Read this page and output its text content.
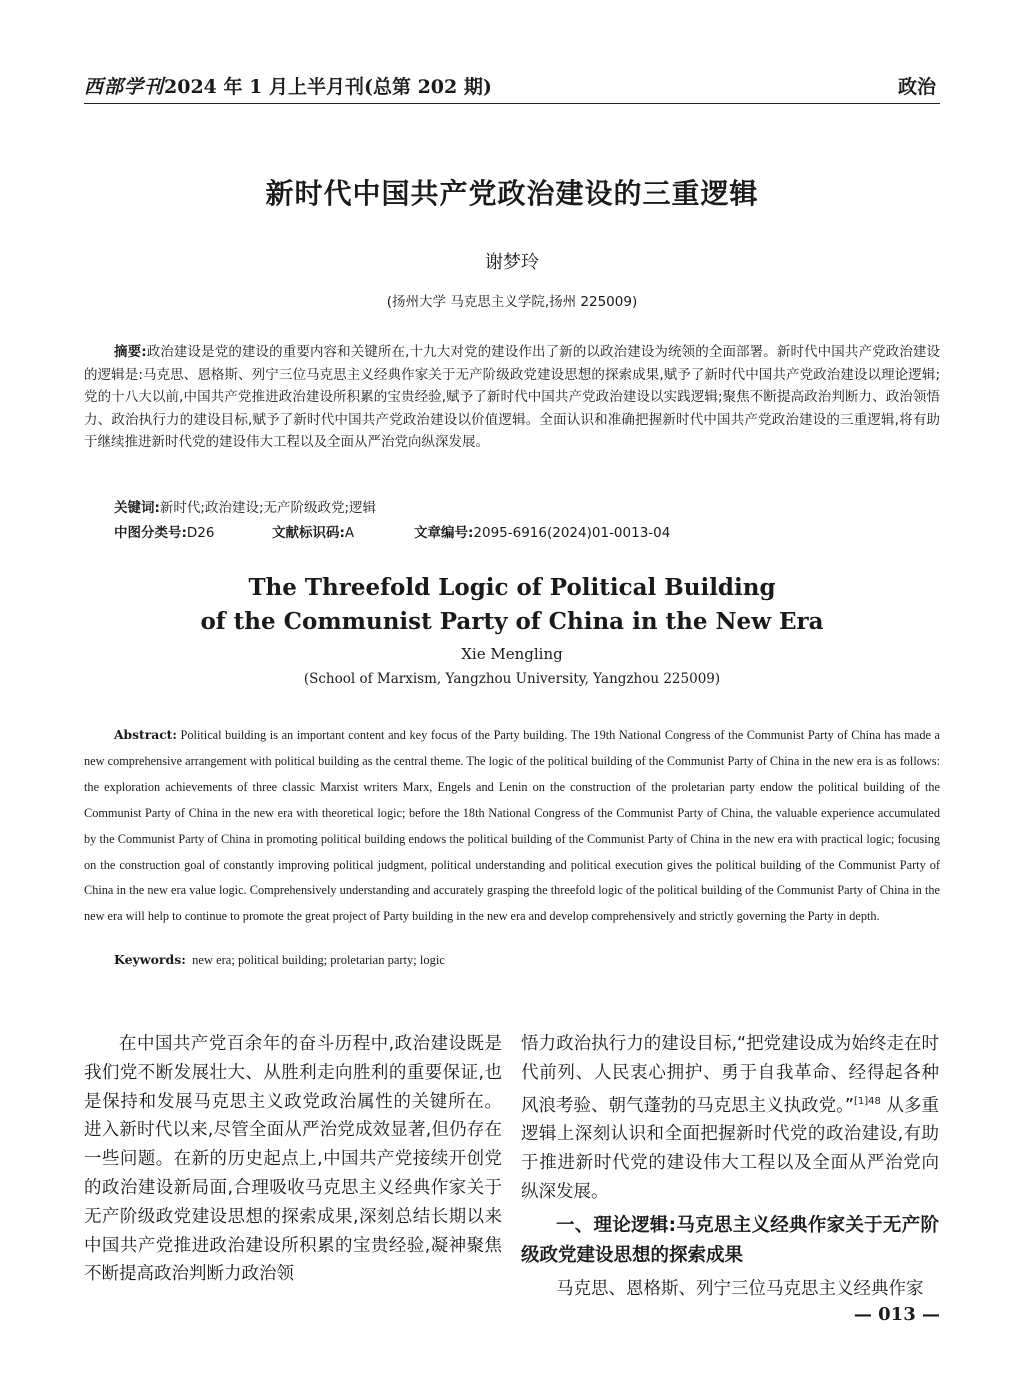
西部学刊2024 年 1 月上半月刊(总第 202 期)	政治
新时代中国共产党政治建设的三重逻辑
谢梦玲
(扬州大学 马克思主义学院,扬州 225009)
摘要:政治建设是党的建设的重要内容和关键所在,十九大对党的建设作出了新的以政治建设为统领的全面部署。新时代中国共产党政治建设的逻辑是:马克思、恩格斯、列宁三位马克思主义经典作家关于无产阶级政党建设思想的探索成果,赋予了新时代中国共产党政治建设以理论逻辑;党的十八大以前,中国共产党推进政治建设所积累的宝贵经验,赋予了新时代中国共产党政治建设以实践逻辑;聚焦不断提高政治判断力、政治领悟力、政治执行力的建设目标,赋予了新时代中国共产党政治建设以价值逻辑。全面认识和准确把握新时代中国共产党政治建设的三重逻辑,将有助于继续推进新时代党的建设伟大工程以及全面从严治党向纵深发展。
关键词:新时代;政治建设;无产阶级政党;逻辑
中图分类号:D26	文献标识码:A	文章编号:2095-6916(2024)01-0013-04
The Threefold Logic of Political Building
of the Communist Party of China in the New Era
Xie Mengling
(School of Marxism, Yangzhou University, Yangzhou 225009)
Abstract: Political building is an important content and key focus of the Party building. The 19th National Congress of the Communist Party of China has made a new comprehensive arrangement with political building as the central theme. The logic of the political building of the Communist Party of China in the new era is as follows: the exploration achievements of three classic Marxist writers Marx, Engels and Lenin on the construction of the proletarian party endow the political building of the Communist Party of China in the new era with theoretical logic; before the 18th National Congress of the Communist Party of China, the valuable experience accumulated by the Communist Party of China in promoting political building endows the political building of the Communist Party of China in the new era with practical logic; focusing on the construction goal of constantly improving political judgment, political understanding and political execution gives the political building of the Communist Party of China in the new era value logic. Comprehensively understanding and accurately grasping the threefold logic of the political building of the Communist Party of China in the new era will help to continue to promote the great project of Party building in the new era and develop comprehensively and strictly governing the Party in depth.
Keywords: new era; political building; proletarian party; logic

在中国共产党百余年的奋斗历程中,政治建设既是我们党不断发展壮大、从胜利走向胜利的重要保证,也是保持和发展马克思主义政党政治属性的关键所在。进入新时代以来,尽管全面从严治党成效显著,但仍存在一些问题。在新的历史起点上,中国共产党接续开创党的政治建设新局面,合理吸收马克思主义经典作家关于无产阶级政党建设思想的探索成果,深刻总结长期以来中国共产党推进政治建设所积累的宝贵经验,凝神聚焦不断提高政治判断力政治领

悟力政治执行力的建设目标,“把党建设成为始终走在时代前列、人民衷心拥护、勇于自我革命、经得起各种风浪考验、朝气蓬勃的马克思主义执政党。”$^{[1]48}$ 从多重逻辑上深刻认识和全面把握新时代党的政治建设,有助于推进新时代党的建设伟大工程以及全面从严治党向纵深发展。

一、理论逻辑:马克思主义经典作家关于无产阶级政党建设思想的探索成果

马克思、恩格斯、列宁三位马克思主义经典作家

— 013 —
